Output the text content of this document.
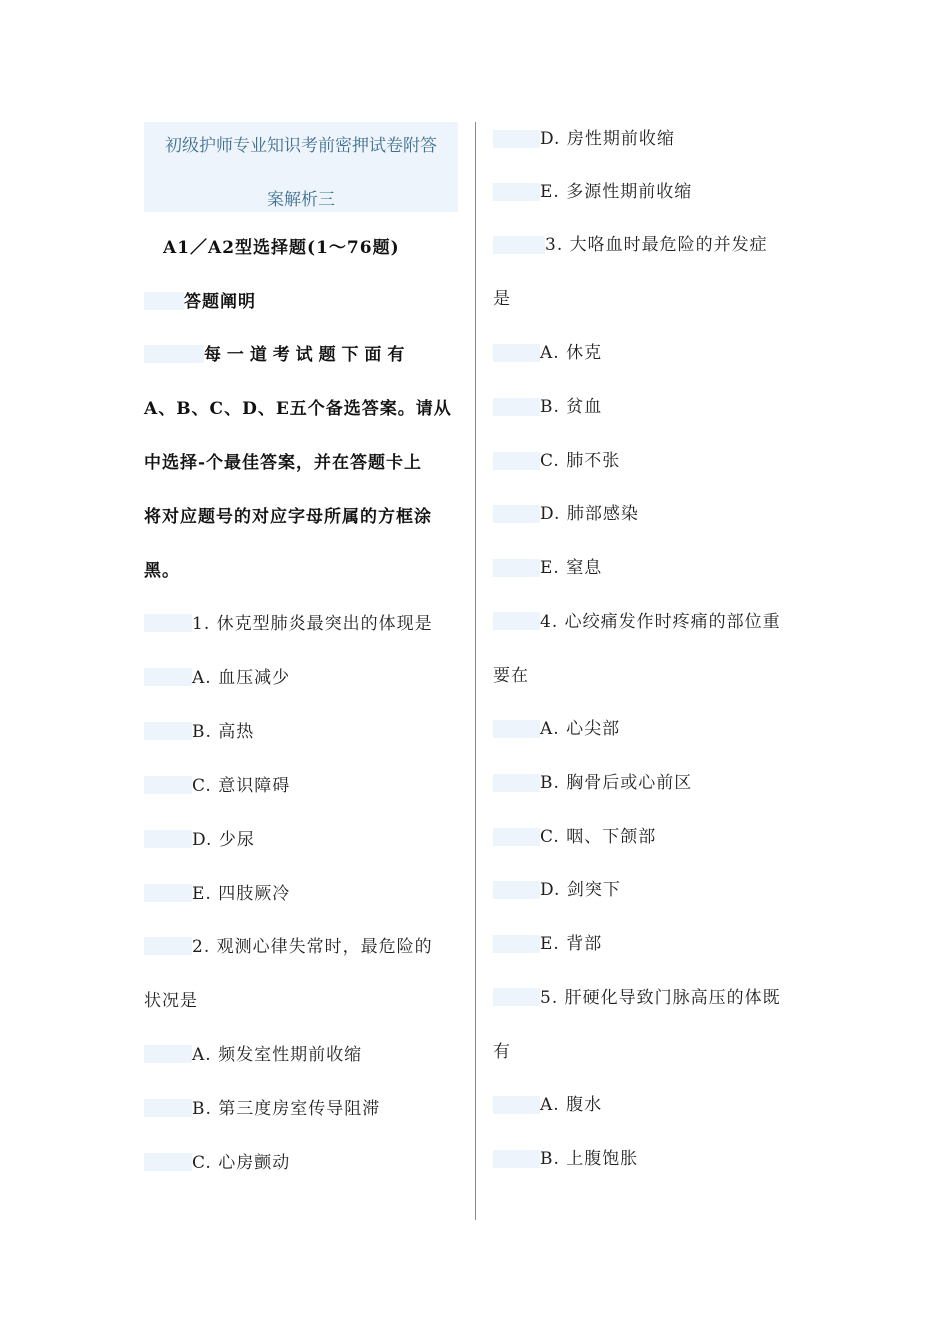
初级护师专业知识考前密押试卷附答
案解析三
A1／A2型选择题(1～76题)
答题阐明
每 一 道 考 试 题 下 面 有
A、B、C、D、E五个备选答案。请从
中选择-个最佳答案，并在答题卡上
将对应题号的对应字母所属的方框涂
黑。
1. 休克型肺炎最突出的体现是
A. 血压减少
B. 高热
C. 意识障碍
D. 少尿
E. 四肢厥冷
2. 观测心律失常时，最危险的
状况是
A. 频发室性期前收缩
B. 第三度房室传导阻滞
C. 心房颤动
D. 房性期前收缩
E. 多源性期前收缩
3. 大咯血时最危险的并发症
是
A. 休克
B. 贫血
C. 肺不张
D. 肺部感染
E. 窒息
4. 心绞痛发作时疼痛的部位重
要在
A. 心尖部
B. 胸骨后或心前区
C. 咽、下颌部
D. 剑突下
E. 背部
5. 肝硬化导致门脉高压的体既
有
A. 腹水
B. 上腹饱胀
